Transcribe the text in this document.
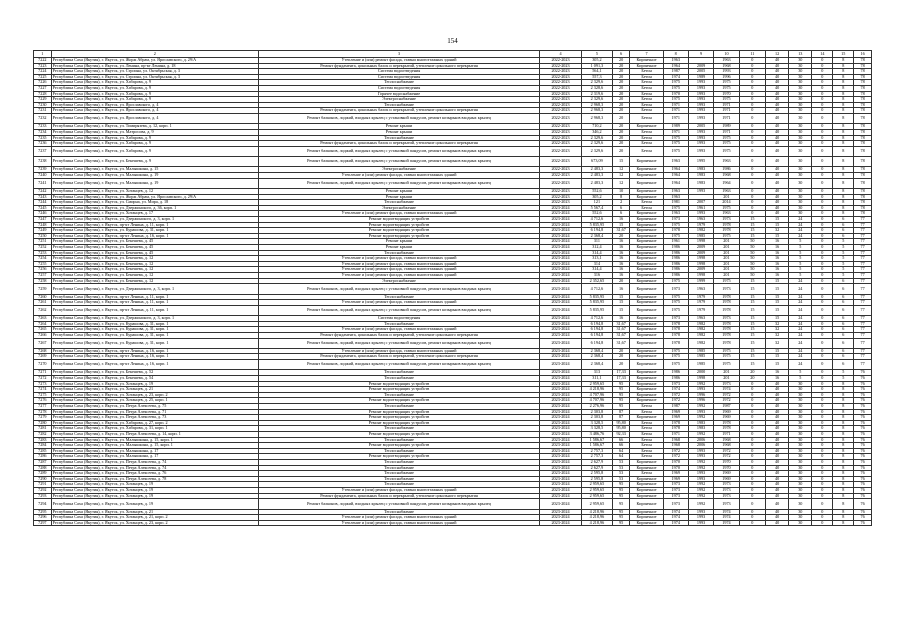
154
1	2	3	4	5	6	7	8	9	10	11	12	13	14	15	16
7222	Республика Саха (Якутия), г. Якутск, ул. Жорж Абрам, ул. Ярославского, д. 29/А	Утепление и (или) ремонт фасада, ставни многоэтажных зданий	2022-2023	305,2	20	Кирпичное	1963		1963	0	40	30	0	8	78
7223	Республика Саха (Якутия), г. Якутск, ул. Ленина, пр-кт Ленина, д. 18	Ремонт фундамента, цокольных балок и перекрытий, утепление цокольного перекрытия	2022-2023	1 091,3	20	Кирпичное	1964	2009	1968	0	40	30	0	8	78
7224	Республика Саха (Якутия), г. Якутск, ул. Строина, ул. Октябрьская, д. 3	Система водоотведения	2022-2023	564,1	20	Бетон	1987	2005	1993	0	40	30	0	8	78
7225	Республика Саха (Якутия), г. Якутск, ул. Строина, ул. Октябрьская, д. 3	Система водоотведения	2022-2023	557,3	20	Бетон	1974	1989	1996	0	40	30	0	8	78
7226	Республика Саха (Якутия), г. Якутск, ул. Хабарова, д. 9	Теплоснабжение	2022-2023	2 329,6	20	Бетон	1975	1993	1975	0	40	30	0	8	78
7227	Республика Саха (Якутия), г. Якутск, ул. Хабарова, д. 9	Система водоотведения	2022-2023	2 328,6	20	Бетон	1975	1993	1975	0	40	30	0	8	78
7228	Республика Саха (Якутия), г. Якутск, ул. Хабарова, д. 9	Горячее водоснабжение	2022-2023	2 319,6	20	Бетон	1970	1993	1970	0	40	30	0	8	78
7229	Республика Саха (Якутия), г. Якутск, ул. Хабарова, д. 9	Электроснабжение	2022-2023	2 329,6	20	Бетон	1975	1993	1975	0	40	30	0	8	78
7230	Республика Саха (Якутия), г. Якутск, ул. Ярославского, д. 4	Теплоснабжение	2022-2023	2 968,3	20	Бетон	1971	1993	1971	0	40	30	0	8	78
7231	Республика Саха (Якутия), г. Якутск, ул. Ярославского, д. 4	Ремонт фундамента, цокольных балок и перекрытий, утепление цокольного перекрытия	2022-2023	2 968,3	20	Бетон	1971	1993	1971	0	40	30	0	8	78
7232	Республика Саха (Якутия), г. Якутск, ул. Ярославского, д. 4	Ремонт балконов, лоджий, входных крылец с установкой пандусов, ремонт козырьков входных крылец	2022-2023	2 968,3	20	Бетон	1971	1993	1971	0	40	30	0	8	78
7233	Республика Саха (Якутия), г. Якутск, ул. Тимирязева, д. 12, корп. 1	Ремонт крыши	2022-2023	710,2	20	Кирпичное	1989	2005	1989	0	40	30	0	8	78
7234	Республика Саха (Якутия), г. Якутск, ул. Матросова, д. 9	Ремонт крыши	2022-2023	346,2	20	Бетон	1971	1993	1971	0	40	30	0	8	78
7235	Республика Саха (Якутия), г. Якутск, ул. Хабарова, д. 9	Теплоснабжение	2022-2023	2 329,6	20	Бетон	1975	1993	1975	0	40	30	0	8	78
7236	Республика Саха (Якутия), г. Якутск, ул. Хабарова, д. 9	Ремонт фундамента, цокольных балок и перекрытий, утепление цокольного перекрытия	2022-2023	2 329,6	20	Бетон	1975	1993	1975	0	40	30	0	8	78
7237	Республика Саха (Якутия), г. Якутск, ул. Хабарова, д. 9	Ремонт балконов, лоджий, входных крылец с установкой пандусов, ремонт козырьков входных крылец	2022-2023	2 329,6	20	Бетон	1975	1993	1975	0	40	30	0	8	78
7238	Республика Саха (Якутия), г. Якутск, ул. Бекешева, д. 9	Ремонт балконов, лоджий, входных крылец с установкой пандусов, ремонт козырьков входных крылец	2022-2023	673,09	15	Кирпичное	1963	1995	1963	0	40	30	0	8	78
7239	Республика Саха (Якутия), г. Якутск, ул. Малышкина, д. 15	Электроснабжение	2022-2023	2 483,3	12	Кирпичное	1964	1983	1986	0	40	30	0	8	78
7240	Республика Саха (Якутия), г. Якутск, ул. Малышкина, д. 19	Утепление и (или) ремонт фасада, ставни многоэтажных зданий	2022-2023	2 483,3	12	Кирпичное	1964	1983	1968	0	40	30	0	8	78
7241	Республика Саха (Якутия), г. Якутск, ул. Малышкина, д. 19	Ремонт балконов, лоджий, входных крылец с установкой пандусов, ремонт козырьков входных крылец	2022-2023	2 483,3	12	Кирпичное	1964	1983	1964	0	40	30	0	8	78
7242	Республика Саха (Якутия), г. Якутск, ул. Хотанцев, д. 12	Ремонт крыши	2022-2023	552,6	10	Кирпичное	1963	1993	1963	0	40	30	0	8	78
7243	Республика Саха (Якутия), г. Якутск, ул. Жорж Абрам, ул. Ярославского, д. 29/А	Ремонт крыши	2022-2023	305,2	8	Кирпичное	1963		201	0	40	30	0	8	78
7244	Республика Саха (Якутия), г. Якутск, ул. Смирна, ул. Мира, д. 18	Теплоснабжение	2022-2023	121	2	Бетон	1981	2007	2014	0	40	30	0	8	78
7245	Республика Саха (Якутия), г. Якутск, ул. Дзержинского, д. 36, корп. 1	Электроснабжение	2023-2024	5 567,4	6	Бетон	1975	1961	1975	0	40	30	0	8	78
7246	Республика Саха (Якутия), г. Якутск, ул. Хотанцев, д. 17	Утепление и (или) ремонт фасада, ставни многоэтажных зданий	2023-2024	552,6	6	Кирпичное	1963	1993	1963	0	40	30	0	8	78
7247	Республика Саха (Якутия), г. Якутск, ул. Дзержинского, д. 3, корп. 1	Ремонт водоотводящих устройств	2023-2024	4 712,6	16	Кирпичное	1973	1963	1973	15	15	24	0	6	77
7248	Республика Саха (Якутия), г. Якутск, пр-кт Ленина, д. 11, корп. 1	Ремонт водоотводящих устройств	2023-2024	5 835,95	15	Кирпичное	1975	1979	1978	15	15	24	0	6	77
7249	Республика Саха (Якутия), г. Якутск, ул. Курашова, д. 31, корп. 1	Ремонт водоотводящих устройств	2023-2024	6 194,8	31,67	Кирпичное	1978	1982	1978	15	32	24	0	6	77
7250	Республика Саха (Якутия), г. Якутск, пр-кт Ленина, д. 16, корп. 1	Ремонт водоотводящих устройств	2023-2024	2 368,4	20	Кирпичное	1975	1985	1975	15	15	24	0	6	77
7251	Республика Саха (Якутия), г. Якутск, ул. Бекешева, д. 45	Ремонт крыши	2023-2024	311	16	Кирпичное	1961	1998	201	50	16	5	0	5	77
7252	Республика Саха (Якутия), г. Якутск, ул. Бекешева, д. 45	Ремонт крыши	2023-2024	312,4	16	Кирпичное	1986	2009	201	50	16	5	0	5	77
7253	Республика Саха (Якутия), г. Якутск, ул. Бекешева, д. 45	Теплоснабжение	2023-2024	314,4	16	Кирпичное	1986	2009	201	50	16	5	0	5	77
7254	Республика Саха (Якутия), г. Якутск, ул. Бекешева, д. 12	Утепление и (или) ремонт фасада, ставни многоэтажных зданий	2023-2024	313,1	16	Кирпичное	1986	1998	201	50	16	5	0	5	77
7255	Республика Саха (Якутия), г. Якутск, ул. Бекешева, д. 12	Утепление и (или) ремонт фасада, ставни многоэтажных зданий	2023-2024	314	16	Кирпичное	1986	1998	201	50	16	5	0	5	77
7256	Республика Саха (Якутия), г. Якутск, ул. Бекешева, д. 12	Утепление и (или) ремонт фасада, ставни многоэтажных зданий	2023-2024	314,4	16	Кирпичное	1986	2009	201	50	16	5	0	5	77
7257	Республика Саха (Якутия), г. Якутск, ул. Бекешева, д. 12	Утепление и (или) ремонт фасада, ставни многоэтажных зданий	2023-2024	316	16	Кирпичное	1986	1998	201	50	16	5	0	5	77
7258	Республика Саха (Якутия), г. Якутск, ул. Бекешева, д. 12	Электроснабжение	2023-2024	2 352,65	20	Кирпичное	1975	1999	1975	15	15	24	0	6	77
7259	Республика Саха (Якутия), г. Якутск, ул. Дзержинского, д. 3, корп. 1	Ремонт балконов, лоджий, входных крылец с установкой пандусов, ремонт козырьков входных крылец	2023-2024	4 712,6	16	Кирпичное	1973	1963	1973	15	15	24	0	6	77
7260	Республика Саха (Якутия), г. Якутск, пр-кт Ленина, д. 11, корп. 1	Теплоснабжение	2023-2024	5 835,95	15	Кирпичное	1975	1979	1978	15	15	24	0	6	77
7261	Республика Саха (Якутия), г. Якутск, пр-кт Ленина, д. 11, корп. 1	Утепление и (или) ремонт фасада, ставни многоэтажных зданий	2023-2024	5 835,95	15	Кирпичное	1975	1979	1978	15	15	24	0	6	77
7262	Республика Саха (Якутия), г. Якутск, пр-кт Ленина, д. 11, корп. 1	Ремонт балконов, лоджий, входных крылец с установкой пандусов, ремонт козырьков входных крылец	2023-2024	5 835,95	15	Кирпичное	1975	1979	1978	15	15	24	0	6	77
7263	Республика Саха (Якутия), г. Якутск, ул. Дзержинского, д. 3, корп. 1	Система водоотведения	2023-2024	4 712,6	16	Кирпичное	1973	1963	1973	15	15	24	0	6	77
7264	Республика Саха (Якутия), г. Якутск, ул. Курашова, д. 31, корп. 1	Теплоснабжение	2023-2024	6 194,8	31,67	Кирпичное	1978	1982	1978	15	32	24	0	6	77
7265	Республика Саха (Якутия), г. Якутск, ул. Курашова, д. 31, корп. 1	Утепление и (или) ремонт фасада, ставни многоэтажных зданий	2023-2024	6 194,8	31,67	Кирпичное	1978	1982	1978	15	32	24	0	6	77
7266	Республика Саха (Якутия), г. Якутск, ул. Курашова, д. 31, корп. 1	Ремонт фундамента, цокольных балок и перекрытий, утепление цокольного перекрытия	2023-2024	6 194,8	31,67	Кирпичное	1978	1982	1978	15	32	24	0	6	77
7267	Республика Саха (Якутия), г. Якутск, ул. Курашова, д. 31, корп. 1	Ремонт балконов, лоджий, входных крылец с установкой пандусов, ремонт козырьков входных крылец	2023-2024	6 194,8	31,67	Кирпичное	1978	1982	1978	15	32	24	0	6	77
7268	Республика Саха (Якутия), г. Якутск, пр-кт Ленина, д. 16, корп. 1	Утепление и (или) ремонт фасада, ставни многоэтажных зданий	2023-2024	2 368,4	20	Кирпичное	1975	1985	1975	15	15	24	0	6	77
7269	Республика Саха (Якутия), г. Якутск, пр-кт Ленина, д. 16, корп. 1	Ремонт фундамента, цокольных балок и перекрытий, утепление цокольного перекрытия	2023-2024	2 368,4	20	Кирпичное	1975	1985	1975	15	15	24	0	6	77
7270	Республика Саха (Якутия), г. Якутск, пр-кт Ленина, д. 16, корп. 1	Ремонт балконов, лоджий, входных крылец с установкой пандусов, ремонт козырьков входных крылец	2023-2024	2 368,4	20	Кирпичное	1975	1985	1975	15	15	24	0	6	77
7271	Республика Саха (Якутия), г. Якутск, ул. Бекешева, д. 52	Теплоснабжение	2023-2024	313	17,33	Кирпичное	1986	2000	201	20	16	5	0	5	76
7272	Республика Саха (Якутия), г. Якутск, ул. Бекешева, д. 54	Теплоснабжение	2023-2024	311,1	17,33	Кирпичное	1986	1998	201	20	16	5	0	5	76
7273	Республика Саха (Якутия), г. Якутск, ул. Хотанцев, д. 19	Ремонт водоотводящих устройств	2023-2024	2 959,65	95	Кирпичное	1973	1992	1973	0	40	30	0	8	76
7274	Республика Саха (Якутия), г. Якутск, ул. Хотанцев, д. 21	Ремонт водоотводящих устройств	2023-2024	4 218,96	95	Кирпичное	1974	1993	1974	0	40	30	0	8	76
7275	Республика Саха (Якутия), г. Якутск, ул. Хотанцев, д. 23, корп. 2	Теплоснабжение	2023-2024	4 707,96	95	Кирпичное	1972	1996	1972	0	40	30	0	8	76
7276	Республика Саха (Якутия), г. Якутск, ул. Хотанцев, д. 25, корп. 1	Ремонт водоотводящих устройств	2023-2024	4 707,96	95	Кирпичное	1972	1996	1972	0	40	30	0	8	76
7277	Республика Саха (Якутия), г. Якутск, ул. Петра Алексеева, д. 75	Теплоснабжение	2023-2024	2 276,96	95	Бетон	1987	1992	1987	0	40	30	0	8	76
7278	Республика Саха (Якутия), г. Якутск, ул. Петра Алексеева, д. 71	Ремонт водоотводящих устройств	2023-2024	2 303,8	87	Бетон	1969	1993	1969	0	40	30	0	8	76
7279	Республика Саха (Якутия), г. Якутск, ул. Петра Алексеева, д. 73	Ремонт водоотводящих устройств	2023-2024	2 303,8	87	Кирпичное	1969	1992	1969	0	40	30	0	8	76
7280	Республика Саха (Якутия), г. Якутск, ул. Хабарова, д. 27, корп. 2	Ремонт водоотводящих устройств	2023-2024	3 328,5	95,80	Бетон	1978	1983	1978	0	40	30	0	8	76
7281	Республика Саха (Якутия), г. Якутск, ул. Хабарова, д. 31, корп. 1	Теплоснабжение	2023-2024	3 328,5	95,80	Бетон	1978	1983	1978	0	40	30	0	8	76
7282	Республика Саха (Якутия), г. Якутск, ул. Петра Алексеева, д. 14, корп. 1	Ремонт водоотводящих устройств	2023-2024	3 486,76	92,33	Бетон	1971	1992	1971	0	40	30	0	8	76
7283	Республика Саха (Якутия), г. Якутск, ул. Малышкина, д. 15, корп. 1	Теплоснабжение	2023-2024	1 586,67	66	Бетон	1968	2006	1968	0	40	30	0	8	76
7284	Республика Саха (Якутия), г. Якутск, ул. Малышкина, д. 15, корп. 1	Ремонт водоотводящих устройств	2023-2024	1 586,67	66	Бетон	1968	2006	1968	0	40	30	0	8	76
7285	Республика Саха (Якутия), г. Якутск, ул. Малышкина, д. 17	Теплоснабжение	2023-2024	2 757,3	64	Бетон	1972	1993	1972	0	40	30	0	8	76
7286	Республика Саха (Якутия), г. Якутск, ул. Малышкина, д. 17	Ремонт водоотводящих устройств	2023-2024	2 757,3	64	Бетон	1972	1993	1972	0	40	30	0	8	76
7287	Республика Саха (Якутия), г. Якутск, ул. Петра Алексеева, д. 74	Теплоснабжение	2023-2024	2 627,9	53	Кирпичное	1970	1992	1970	0	40	30	0	8	76
7288	Республика Саха (Якутия), г. Якутск, ул. Петра Алексеева, д. 74	Теплоснабжение	2023-2024	2 627,9	53	Кирпичное	1970	1992	1970	0	40	30	0	8	76
7289	Республика Саха (Якутия), г. Якутск, ул. Петра Алексеева, д. 76	Теплоснабжение	2023-2024	2 595,8	53	Бетон	1969	1993	1969	0	40	30	0	8	76
7290	Республика Саха (Якутия), г. Якутск, ул. Петра Алексеева, д. 78	Теплоснабжение	2023-2024	2 595,8	53	Кирпичное	1969	1993	1969	0	40	30	0	8	76
7291	Республика Саха (Якутия), г. Якутск, ул. Хотанцев, д. 19	Теплоснабжение	2023-2024	2 959,65	95	Кирпичное	1973	1992	1973	0	40	30	0	8	76
7292	Республика Саха (Якутия), г. Якутск, ул. Хотанцев, д. 19	Утепление и (или) ремонт фасада, ставни многоэтажных зданий	2023-2024	2 959,65	95	Кирпичное	1973	1992	1973	0	40	30	0	8	76
7293	Республика Саха (Якутия), г. Якутск, ул. Хотанцев, д. 19	Ремонт фундамента, цокольных балок и перекрытий, утепление цокольного перекрытия	2023-2024	2 959,65	95	Кирпичное	1973	1992	1973	0	40	30	0	8	76
7294	Республика Саха (Якутия), г. Якутск, ул. Хотанцев, д. 19	Ремонт балконов, лоджий, входных крылец с установкой пандусов, ремонт козырьков входных крылец	2023-2024	2 959,65	95	Кирпичное	1973	1992	1973	0	40	30	0	8	76
7295	Республика Саха (Якутия), г. Якутск, ул. Хотанцев, д. 21	Теплоснабжение	2023-2024	4 218,96	95	Кирпичное	1974	1993	1974	0	40	30	0	8	76
7296	Республика Саха (Якутия), г. Якутск, ул. Хотанцев, д. 21, корп. 2	Утепление и (или) ремонт фасада, ставни многоэтажных зданий	2023-2024	4 218,96	95	Кирпичное	1974	1993	1974	0	40	30	0	8	76
7297	Республика Саха (Якутия), г. Якутск, ул. Хотанцев, д. 23, корп. 2	Утепление и (или) ремонт фасада, ставни многоэтажных зданий	2023-2024	4 218,96	95	Кирпичное	1974	1993	1974	0	40	30	0	8	76
